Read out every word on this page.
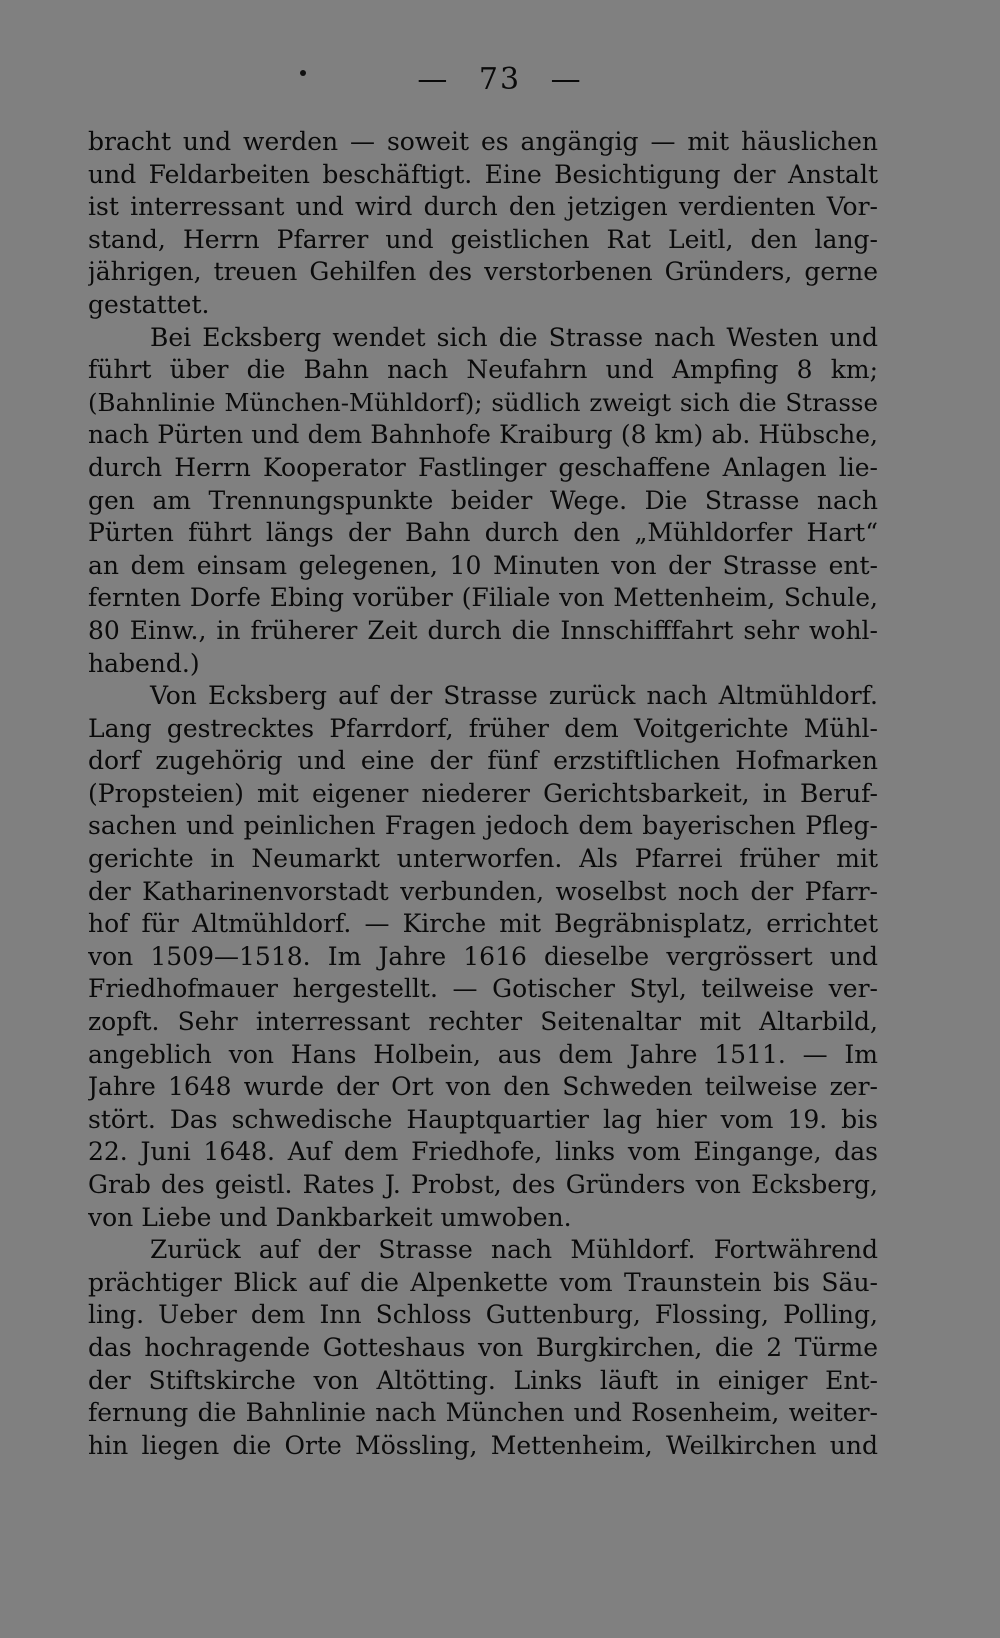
— 73 —
bracht und werden — soweit es angängig — mit häuslichen
und Feldarbeiten beschäftigt. Eine Besichtigung der Anstalt
ist interressant und wird durch den jetzigen verdienten Vor-
stand, Herrn Pfarrer und geistlichen Rat Leitl, den lang-
jährigen, treuen Gehilfen des verstorbenen Gründers, gerne
gestattet.
Bei Ecksberg wendet sich die Strasse nach Westen und
führt über die Bahn nach Neufahrn und Ampfing 8 km;
(Bahnlinie München-Mühldorf); südlich zweigt sich die Strasse
nach Pürten und dem Bahnhofe Kraiburg (8 km) ab. Hübsche,
durch Herrn Kooperator Fastlinger geschaffene Anlagen lie-
gen am Trennungspunkte beider Wege. Die Strasse nach
Pürten führt längs der Bahn durch den „Mühldorfer Hart“
an dem einsam gelegenen, 10 Minuten von der Strasse ent-
fernten Dorfe Ebing vorüber (Filiale von Mettenheim, Schule,
80 Einw., in früherer Zeit durch die Innschifffahrt sehr wohl-
habend.)
Von Ecksberg auf der Strasse zurück nach Altmühldorf.
Lang gestrecktes Pfarrdorf, früher dem Voitgerichte Mühl-
dorf zugehörig und eine der fünf erzstiftlichen Hofmarken
(Propsteien) mit eigener niederer Gerichtsbarkeit, in Beruf-
sachen und peinlichen Fragen jedoch dem bayerischen Pfleg-
gerichte in Neumarkt unterworfen. Als Pfarrei früher mit
der Katharinenvorstadt verbunden, woselbst noch der Pfarr-
hof für Altmühldorf. — Kirche mit Begräbnisplatz, errichtet
von 1509—1518. Im Jahre 1616 dieselbe vergrössert und
Friedhofmauer hergestellt. — Gotischer Styl, teilweise ver-
zopft. Sehr interressant rechter Seitenaltar mit Altarbild,
angeblich von Hans Holbein, aus dem Jahre 1511. — Im
Jahre 1648 wurde der Ort von den Schweden teilweise zer-
stört. Das schwedische Hauptquartier lag hier vom 19. bis
22. Juni 1648. Auf dem Friedhofe, links vom Eingange, das
Grab des geistl. Rates J. Probst, des Gründers von Ecksberg,
von Liebe und Dankbarkeit umwoben.
Zurück auf der Strasse nach Mühldorf. Fortwährend
prächtiger Blick auf die Alpenkette vom Traunstein bis Säu-
ling. Ueber dem Inn Schloss Guttenburg, Flossing, Polling,
das hochragende Gotteshaus von Burgkirchen, die 2 Türme
der Stiftskirche von Altötting. Links läuft in einiger Ent-
fernung die Bahnlinie nach München und Rosenheim, weiter-
hin liegen die Orte Mössling, Mettenheim, Weilkirchen und
